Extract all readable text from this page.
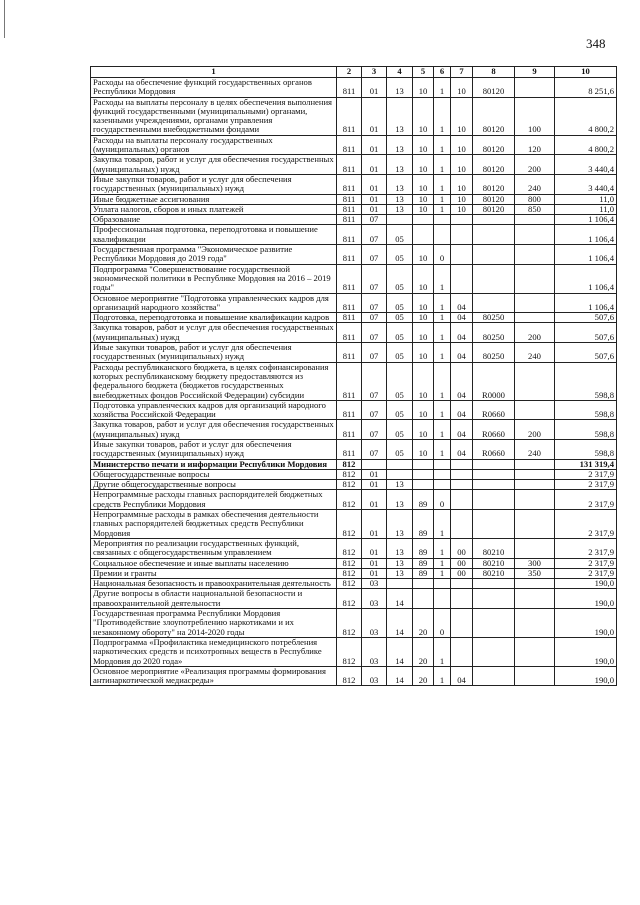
348
1	2	3	4	5	6	7	8	9	10
Расходы на обеспечение функций государственных органов Республики Мордовия	811	01	13	10	1	10	80120		8 251,6
Расходы на выплаты персоналу в целях обеспечения выполнения функций государственными (муниципальными) органами, казенными учреждениями, органами управления государственными внебюджетными фондами	811	01	13	10	1	10	80120	100	4 800,2
Расходы на выплаты персоналу государственных (муниципальных) органов	811	01	13	10	1	10	80120	120	4 800,2
Закупка товаров, работ и услуг для обеспечения государственных (муниципальных) нужд	811	01	13	10	1	10	80120	200	3 440,4
Иные закупки товаров, работ и услуг для обеспечения государственных (муниципальных) нужд	811	01	13	10	1	10	80120	240	3 440,4
Иные бюджетные ассигнования	811	01	13	10	1	10	80120	800	11,0
Уплата налогов, сборов и иных платежей	811	01	13	10	1	10	80120	850	11,0
Образование	811	07							1 106,4
Профессиональная подготовка, переподготовка и повышение квалификации	811	07	05						1 106,4
Государственная программа "Экономическое развитие Республики Мордовия до 2019 года"	811	07	05	10	0				1 106,4
Подпрограмма "Совершенствование государственной экономической политики в Республике Мордовия на 2016 – 2019 годы"	811	07	05	10	1				1 106,4
Основное мероприятие "Подготовка управленческих кадров для организаций народного хозяйства"	811	07	05	10	1	04			1 106,4
Подготовка, переподготовка и повышение квалификации кадров	811	07	05	10	1	04	80250		507,6
Закупка товаров, работ и услуг для обеспечения государственных (муниципальных) нужд	811	07	05	10	1	04	80250	200	507,6
Иные закупки товаров, работ и услуг для обеспечения государственных (муниципальных) нужд	811	07	05	10	1	04	80250	240	507,6
Расходы республиканского бюджета, в целях софинансирования которых республиканскому бюджету предоставляются из федерального бюджета (бюджетов государственных внебюджетных фондов Российской Федерации) субсидии	811	07	05	10	1	04	R0000		598,8
Подготовка управленческих кадров для организаций народного хозяйства Российской Федерации	811	07	05	10	1	04	R0660		598,8
Закупка товаров, работ и услуг для обеспечения государственных (муниципальных) нужд	811	07	05	10	1	04	R0660	200	598,8
Иные закупки товаров, работ и услуг для обеспечения государственных (муниципальных) нужд	811	07	05	10	1	04	R0660	240	598,8
Министерство печати и информации Республики Мордовия	812								131 319,4
Общегосударственные вопросы	812	01							2 317,9
Другие общегосударственные вопросы	812	01	13						2 317,9
Непрограммные расходы главных распорядителей бюджетных средств Республики Мордовия	812	01	13	89	0				2 317,9
Непрограммные расходы в рамках обеспечения деятельности главных распорядителей бюджетных средств Республики Мордовия	812	01	13	89	1				2 317,9
Мероприятия по реализации государственных функций, связанных с общегосударственным управлением	812	01	13	89	1	00	80210		2 317,9
Социальное обеспечение и иные выплаты населению	812	01	13	89	1	00	80210	300	2 317,9
Премии и гранты	812	01	13	89	1	00	80210	350	2 317,9
Национальная безопасность и правоохранительная деятельность	812	03							190,0
Другие вопросы в области национальной безопасности и правоохранительной деятельности	812	03	14						190,0
Государственная программа Республики Мордовия "Противодействие злоупотреблению наркотиками и их незаконному обороту" на 2014-2020 годы	812	03	14	20	0				190,0
Подпрограмма «Профилактика немедицинского потребления наркотических средств и психотропных веществ в Республике Мордовия до 2020 года»	812	03	14	20	1				190,0
Основное мероприятие «Реализация программы формирования антинаркотической медиасреды»	812	03	14	20	1	04			190,0
